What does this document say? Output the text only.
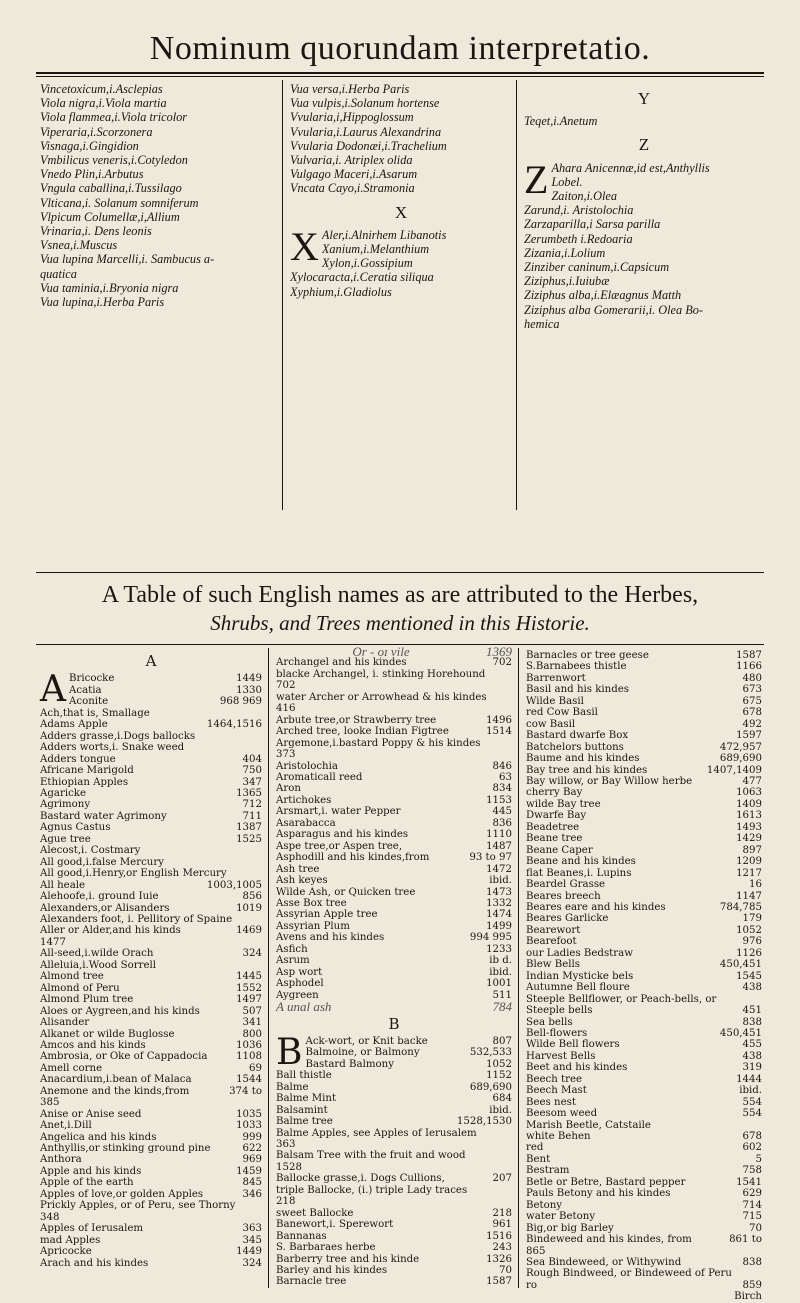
Nominum quorundam interpretatio.
Vincetoxicum,i.Asclepias
Viola nigra,i.Viola martia
Viola flammea,i.Viola tricolor
Viperaria,i.Scorzonera
Visnaga,i.Gingidion
Vmbilicus veneris,i.Cotyledon
Vnedo Plin,i.Arbutus
Vngula caballina,i.Tussilago
Vlticana,i. Solanum somniferum
Vlpicum Columellæ,i,Allium
Vrinaria,i. Dens leonis
Vsnea,i.Muscus
Vua lupina Marcelli,i. Sambucus a-
quatica
Vua taminia,i.Bryonia nigra
Vua lupina,i.Herba Paris
Vua versa,i.Herba Paris
Vua vulpis,i.Solanum hortense
Vvularia,i,Hippoglossum
Vvularia,i.Laurus Alexandrina
Vvularia Dodonæi,i.Trachelium
Vulvaria,i. Atriplex olida
Vulgago Maceri,i.Asarum
Vncata Cayo,i.Stramonia
X
X Aler,i.Alnirhem Libanotis
Xanium,i.Melanthium
Xylon,i.Gossipium
Xylocaracta,i.Ceratia siliqua
Xyphium,i.Gladiolus
Y
Teqet,i.Anetum
Z
Z Ahara Anicennæ,id est,Anthyllis
Lobel.
Zaiton,i.Olea
Zarund,i. Aristolochia
Zarzaparilla,i Sarsa parilla
Zerumbeth i.Redoaria
Zizania,i.Lolium
Zinziber caninum,i.Capsicum
Ziziphus,i.Iuiubæ
Ziziphus alba,i.Elæagnus Matth
Ziziphus alba Gomerarii,i. Olea Bo-
hemica
A Table of such English names as are attributed to the Herbes,
Shrubs, and Trees mentioned in this Historie.
A
A Bricocke	1449
Acatia	1330
Aconite	968 969
Ach,that is, Smallage
Adams Apple	1464,1516
Adders grasse,i.Dogs ballocks
Adders worts,i. Snake weed
Adders tongue	404
Africane Marigold	750
Ethiopian Apples	347
Agaricke	1365
Agrimony	712
Bastard water Agrimony	711
Agnus Castus	1387
Ague tree	1525
Alecost,i. Costmary
All good,i.false Mercury
All good,i.Henry,or English Mercury
All heale	1003,1005
Alehoofe,i. ground Iuie	856
Alexanders,or Alisanders	1019
Alexanders foot, i. Pellitory of Spaine
Aller or Alder,and his kinds	1469
1477
All-seed,i.wilde Orach	324
Alleluia,i.Wood Sorrell
Almond tree	1445
Almond of Peru	1552
Almond Plum tree	1497
Aloes or Aygreen,and his kinds	507
Alisander	341
Alkanet or wilde Buglosse	800
Amcos and his kinds	1036
Ambrosia, or Oke of Cappadocia	1108
Amell corne	69
Anacardium,i.bean of Malaca	1544
Anemone and the kinds,from	374 to
385
Anise or Anise seed	1035
Anet,i.Dill	1033
Angelica and his kinds	999
Anthyllis,or stinking ground pine	622
Anthora	969
Apple and his kinds	1459
Apple of the earth	845
Apples of love,or golden Apples	346
Prickly Apples, or of Peru, see Thorny
348
Apples of Ierusalem	363
mad Apples	345
Apricocke	1449
Arach and his kindes	324
Or - oɪ vile	1369
Archangel and his kindes	702
blacke Archangel, i. stinking Horehound
702
water Archer or Arrowhead & his kindes
416
Arbute tree,or Strawberry tree	1496
Arched tree, looke Indian Figtree	1514
Argemone,i.bastard Poppy & his kindes
373
Aristolochia	846
Aromaticall reed	63
Aron	834
Artichokes	1153
Arsmart,i. water Pepper	445
Asarabacca	836
Asparagus and his kindes	1110
Aspe tree,or Aspen tree,	1487
Asphodill and his kindes,from	93 to 97
Ash tree	1472
Ash keyes	ibid.
Wilde Ash, or Quicken tree	1473
Asse Box tree	1332
Assyrian Apple tree	1474
Assyrian Plum	1499
Avens and his kindes	994 995
Asfich	1233
Asrum	ib d.
Asp wort	ibid.
Asphodel	1001
Aygreen	511
A unal ash	784
B
B Ack-wort, or Knit backe	807
Balmoine, or Balmony	532,533
Bastard Balmony	1052
Ball thistle	1152
Balme	689,690
Balme Mint	684
Balsamint	ibid.
Balme tree	1528,1530
Balme Apples, see Apples of Ierusalem
363
Balsam Tree with the fruit and wood
1528
Ballocke grasse,i. Dogs Cullions,	207
triple Ballocke, (i.) triple Lady traces
218
sweet Ballocke	218
Banewort,i. Sperewort	961
Bannanas	1516
S. Barbaraes herbe	243
Barberry tree and his kinde	1326
Barley and his kindes	70
Barnacle tree	1587
Barnacles or tree geese	1587
S.Barnabees thistle	1166
Barrenwort	480
Basil and his kindes	673
Wilde Basil	675
red Cow Basil	678
cow Basil	492
Bastard dwarfe Box	1597
Batchelors buttons	472,957
Baume and his kindes	689,690
Bay tree and his kindes	1407,1409
Bay willow, or Bay Willow herbe	477
cherry Bay	1063
wilde Bay tree	1409
Dwarfe Bay	1613
Beadetree	1493
Beane tree	1429
Beane Caper	897
Beane and his kindes	1209
flat Beanes,i. Lupins	1217
Beardel Grasse	16
Beares breech	1147
Beares eare and his kindes	784,785
Beares Garlicke	179
Bearewort	1052
Bearefoot	976
our Ladies Bedstraw	1126
Blew Bells	450,451
Indian Mysticke bels	1545
Autumne Bell floure	438
Steeple Bellflower, or Peach-bells, or
Steeple bells	451
Sea bells	838
Bell-flowers	450,451
Wilde Bell flowers	455
Harvest Bells	438
Beet and his kindes	319
Beech tree	1444
Beech Mast	ibid.
Bees nest	554
Beesom weed	554
Marish Beetle, Catstaile
white Behen	678
red	602
Bent	5
Bestram	758
Betle or Betre, Bastard pepper	1541
Pauls Betony and his kindes	629
Betony	714
water Betony	715
Big,or big Barley	70
Bindeweed and his kindes, from	861 to
865
Sea Bindeweed, or Withywind	838
Rough Bindweed, or Bindeweed of Peru
ro	859
Birch
